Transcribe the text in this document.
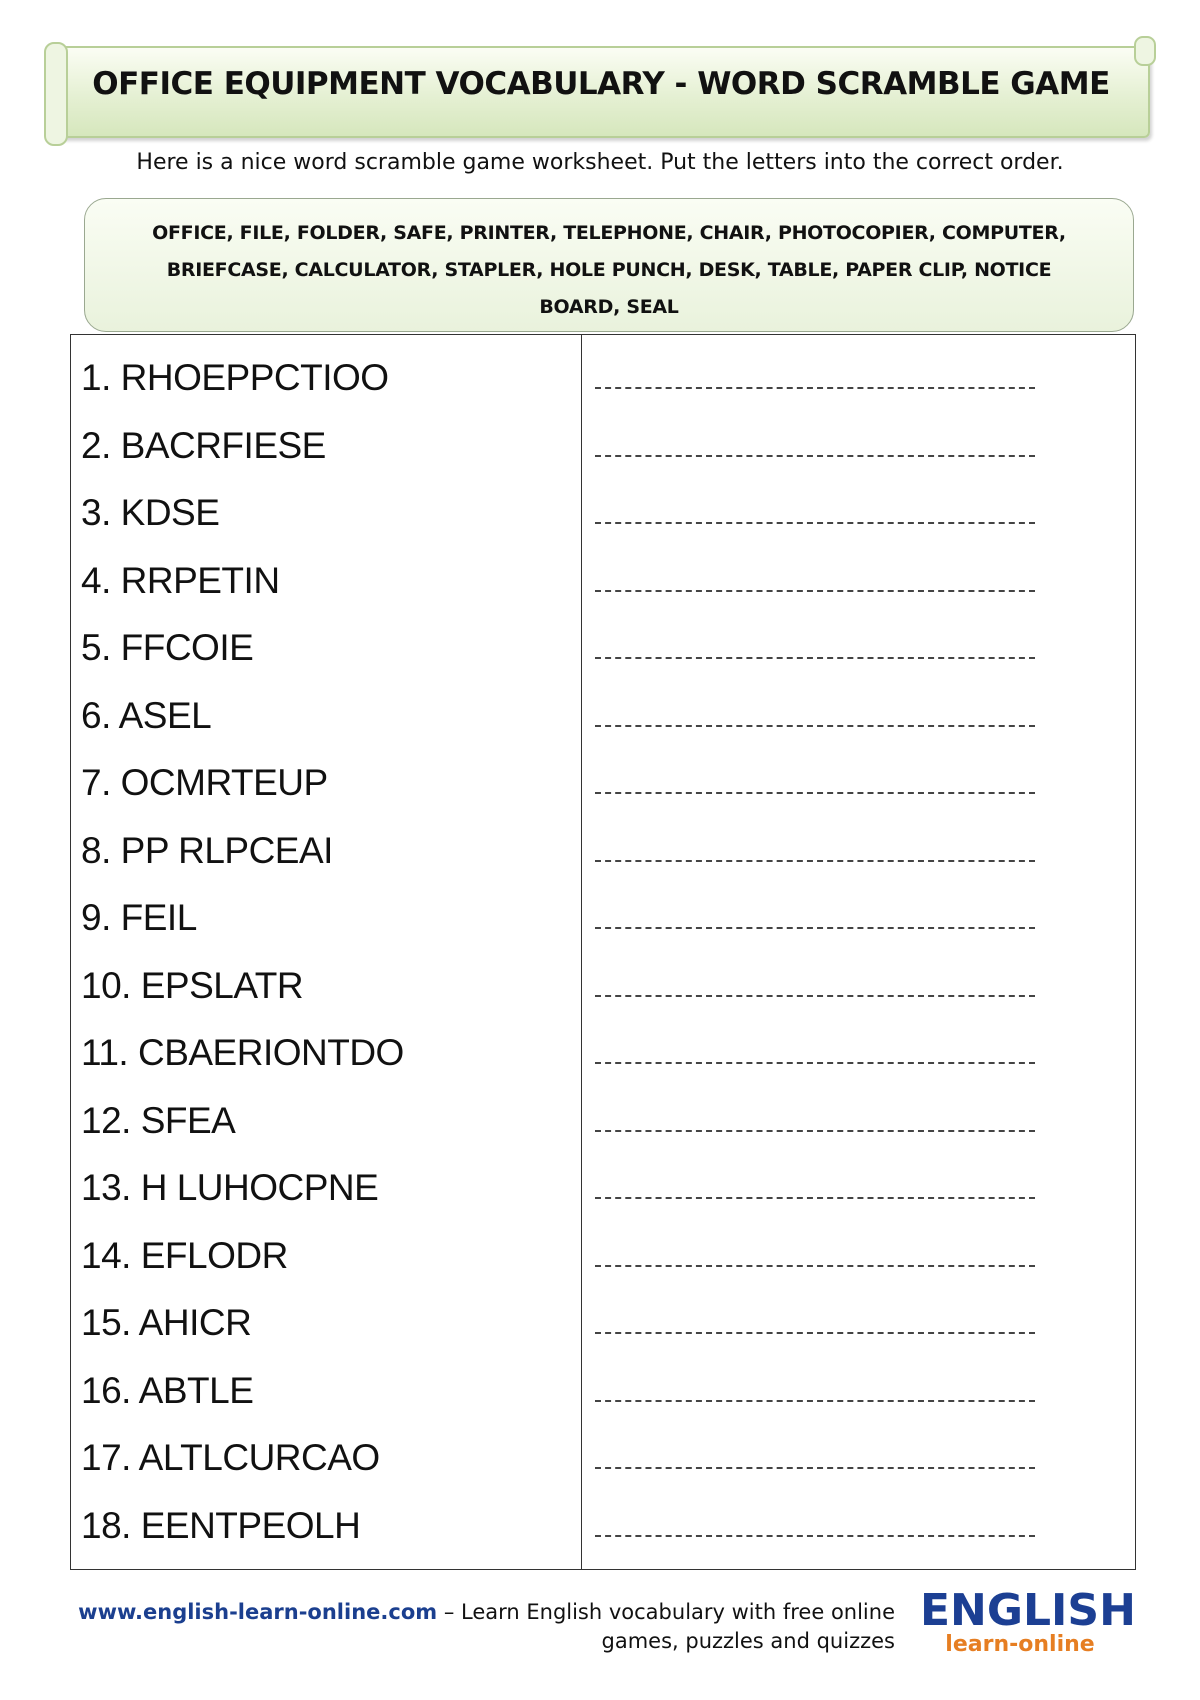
OFFICE EQUIPMENT VOCABULARY - WORD SCRAMBLE GAME
Here is a nice word scramble game worksheet. Put the letters into the correct order.
OFFICE, FILE, FOLDER, SAFE, PRINTER, TELEPHONE, CHAIR, PHOTOCOPIER, COMPUTER, BRIEFCASE, CALCULATOR, STAPLER, HOLE PUNCH, DESK, TABLE, PAPER CLIP, NOTICE BOARD, SEAL
1. RHOEPPCTIOO
2. BACRFIESE
3. KDSE
4. RRPETIN
5. FFCOIE
6. ASEL
7. OCMRTEUP
8. PP RLPCEAI
9. FEIL
10. EPSLATR
11. CBAERIONTDO
12. SFEA
13. H LUHOCPNE
14. EFLODR
15. AHICR
16. ABTLE
17. ALTLCURCAO
18. EENTPEOLH
www.english-learn-online.com – Learn English vocabulary with free online
games, puzzles and quizzes
ENGLISH
learn-online
